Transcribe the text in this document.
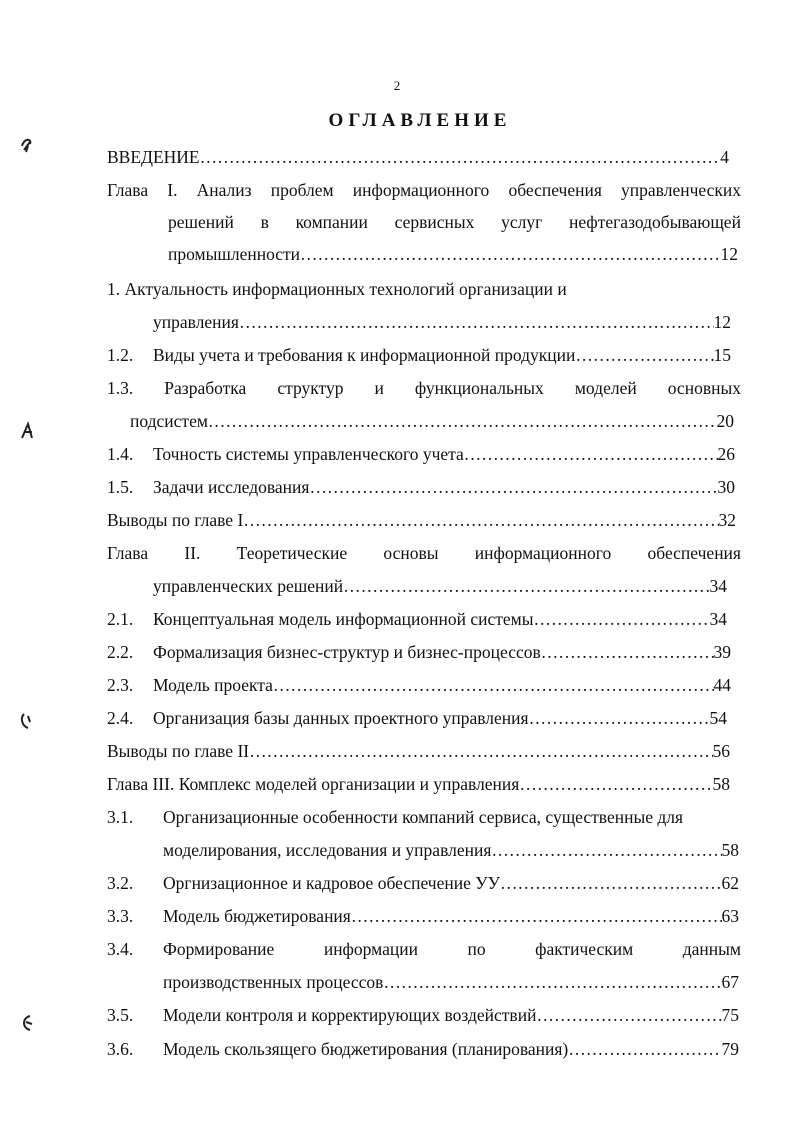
2
ОГЛАВЛЕНИЕ
ВВЕДЕНИЕ ……………………………………………………………………………………………………………………………………………………………………………………………………	4
Глава I. Анализ проблем информационного обеспечения управленческих
решений в компании сервисных услуг нефтегазодобывающей
промышленности ……………………………………………………………………………………………………………………………………………………………………………………………………	12
1. Актуальность информационных технологий организации и
управления ……………………………………………………………………………………………………………………………………………………………………………………………………	12
1.2. Виды учета и требования к информационной продукции ……………………………………………………………………………………………………………………………………………………………………………………………………	15
1.3. Разработка структур и функциональных моделей основных
подсистем ……………………………………………………………………………………………………………………………………………………………………………………………………	20
1.4. Точность системы управленческого учета ……………………………………………………………………………………………………………………………………………………………………………………………………	26
1.5. Задачи исследования ……………………………………………………………………………………………………………………………………………………………………………………………………	30
Выводы по главе I ……………………………………………………………………………………………………………………………………………………………………………………………………	32
Глава II. Теоретические основы информационного обеспечения
управленческих решений ……………………………………………………………………………………………………………………………………………………………………………………………………	34
2.1. Концептуальная модель информационной системы ……………………………………………………………………………………………………………………………………………………………………………………………………	34
2.2. Формализация бизнес-структур и бизнес-процессов ……………………………………………………………………………………………………………………………………………………………………………………………………	39
2.3. Модель проекта ……………………………………………………………………………………………………………………………………………………………………………………………………	44
2.4. Организация базы данных проектного управления ……………………………………………………………………………………………………………………………………………………………………………………………………	54
Выводы по главе II ……………………………………………………………………………………………………………………………………………………………………………………………………	56
Глава III. Комплекс моделей организации и управления ……………………………………………………………………………………………………………………………………………………………………………………………………	58
3.1. Организационные особенности компаний сервиса, существенные для
моделирования, исследования и управления ……………………………………………………………………………………………………………………………………………………………………………………………………	58
3.2. Оргнизационное и кадровое обеспечение УУ ……………………………………………………………………………………………………………………………………………………………………………………………………	62
3.3. Модель бюджетирования ……………………………………………………………………………………………………………………………………………………………………………………………………	63
3.4. Формирование	информации	по	фактическим	данным
производственных процессов ……………………………………………………………………………………………………………………………………………………………………………………………………	67
3.5. Модели контроля и корректирующих воздействий ……………………………………………………………………………………………………………………………………………………………………………………………………	75
3.6. Модель скользящего бюджетирования (планирования) ……………………………………………………………………………………………………………………………………………………………………………………………………	79
